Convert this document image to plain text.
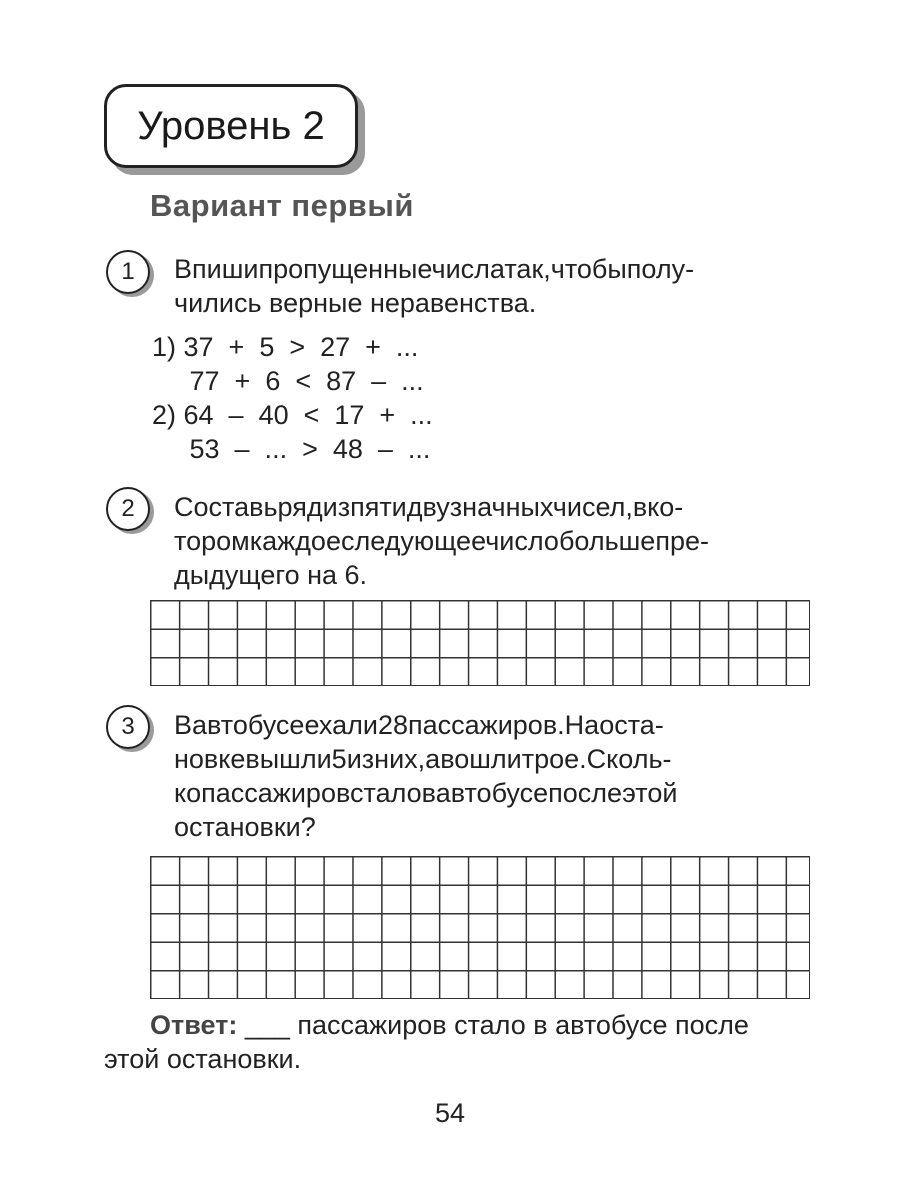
Уровень 2
Вариант первый
1	Впишипропущенныечислатак,чтобыполу-
чились верные неравенства.
1) 37  +  5  >  27  +  ...
77  +  6  <  87  –  ...
2) 64  –  40  <  17  +  ...
53  –  ...  >  48  –  ...
2	Составьрядизпятидвузначныхчисел,вко-
торомкаждоеследующеечислобольшепре-
дыдущего на 6.
3	Вавтобусеехали28пассажиров.Наоста-
новкевышли5изних,авошлитрое.Сколь-
копассажировсталовавтобусепослеэтой
остановки?
Ответ: ___ пассажиров стало в автобусе после
этой остановки.
54
